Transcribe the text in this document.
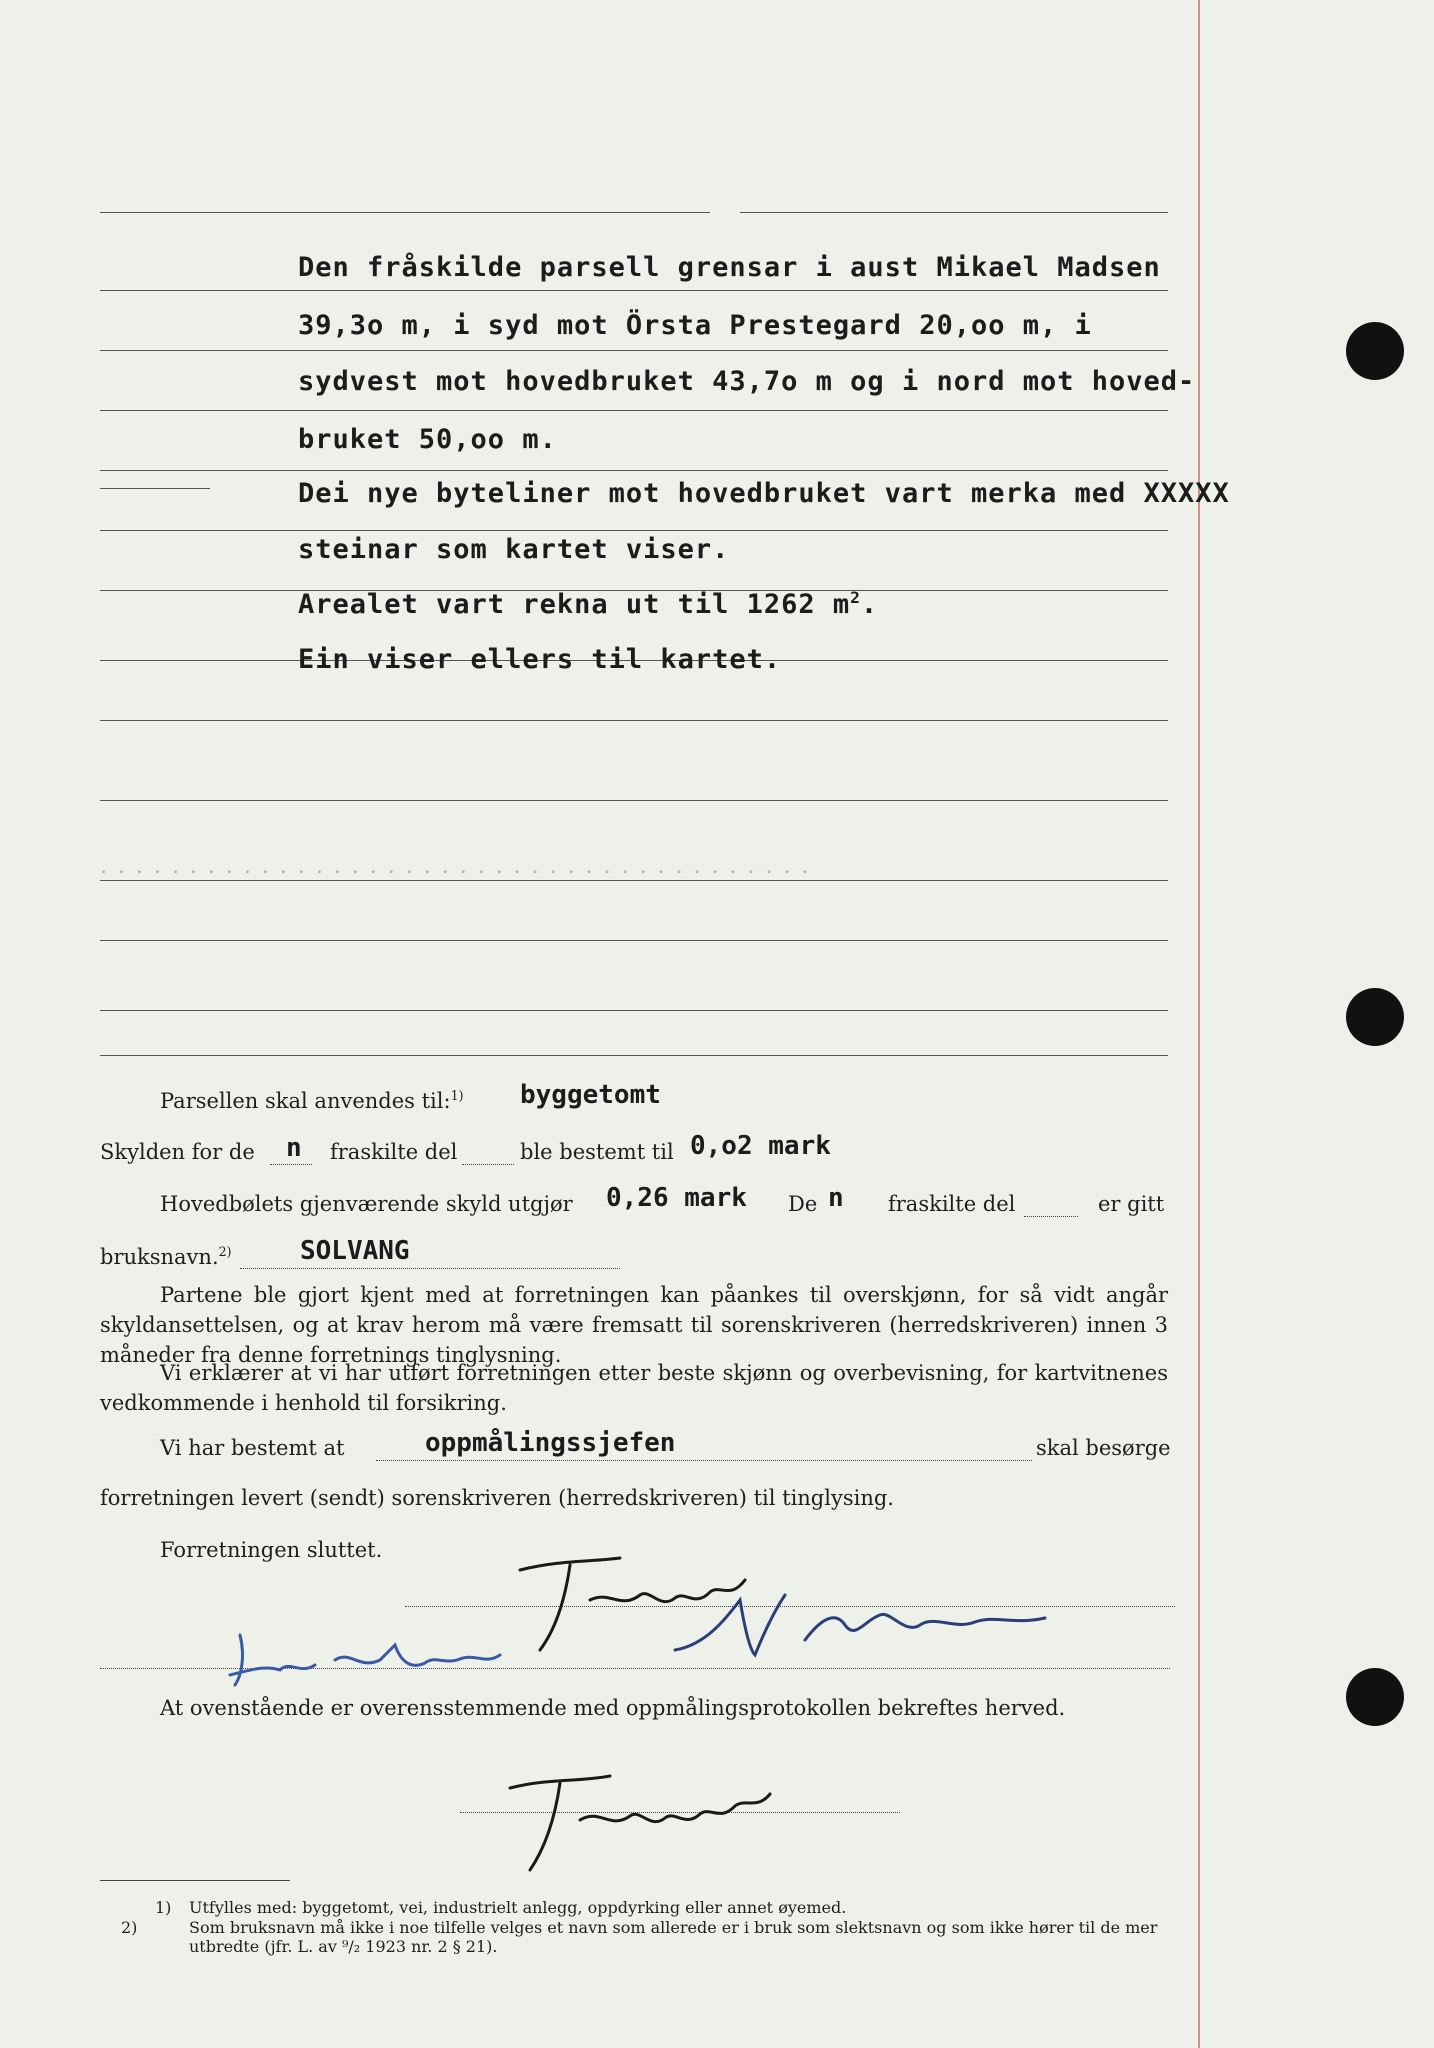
Den fråskilde parsell grensar i aust Mikael Madsen
39,3o m, i syd mot Örsta Prestegard 20,oo m, i
sydvest mot hovedbruket 43,7o m og i nord mot hoved-
bruket 50,oo m.
Dei nye byteliner mot hovedbruket vart merka med XXXXX
steinar som kartet viser.
Arealet vart rekna ut til 1262 $m^2$.
Ein viser ellers til kartet.
. . . . . . . . . . . . . . . . . . . . . . . . . . . . . . . . . . . . . . . .
Parsellen skal anvendes til:$^{1)}$ byggetomt
Skylden for de n fraskilte del	ble bestemt til 0,o2 mark
Hovedbølets gjenværende skyld utgjør 0,26 mark De n fraskilte del	er gitt
bruksnavn.$^{2)}$	SOLVANG
Partene ble gjort kjent med at forretningen kan påankes til overskjønn, for så vidt angår skyldansettelsen, og at krav herom må være fremsatt til sorenskriveren (herredskriveren) innen 3 måneder fra denne forretnings tinglysning.
Vi erklærer at vi har utført forretningen etter beste skjønn og overbevisning, for kartvitnenes vedkommende i henhold til forsikring.
Vi har bestemt at	oppmålingssjefen	skal besørge
forretningen levert (sendt) sorenskriveren (herredskriveren) til tinglysing.
Forretningen sluttet.
At ovenstående er overensstemmende med oppmålingsprotokollen bekreftes herved.
1) Utfylles med: byggetomt, vei, industrielt anlegg, oppdyrking eller annet øyemed.
2)	Som bruksnavn må ikke i noe tilfelle velges et navn som allerede er i bruk som slektsnavn og som ikke hører til de mer utbredte (jfr. L. av ⁹/₂ 1923 nr. 2 § 21).
